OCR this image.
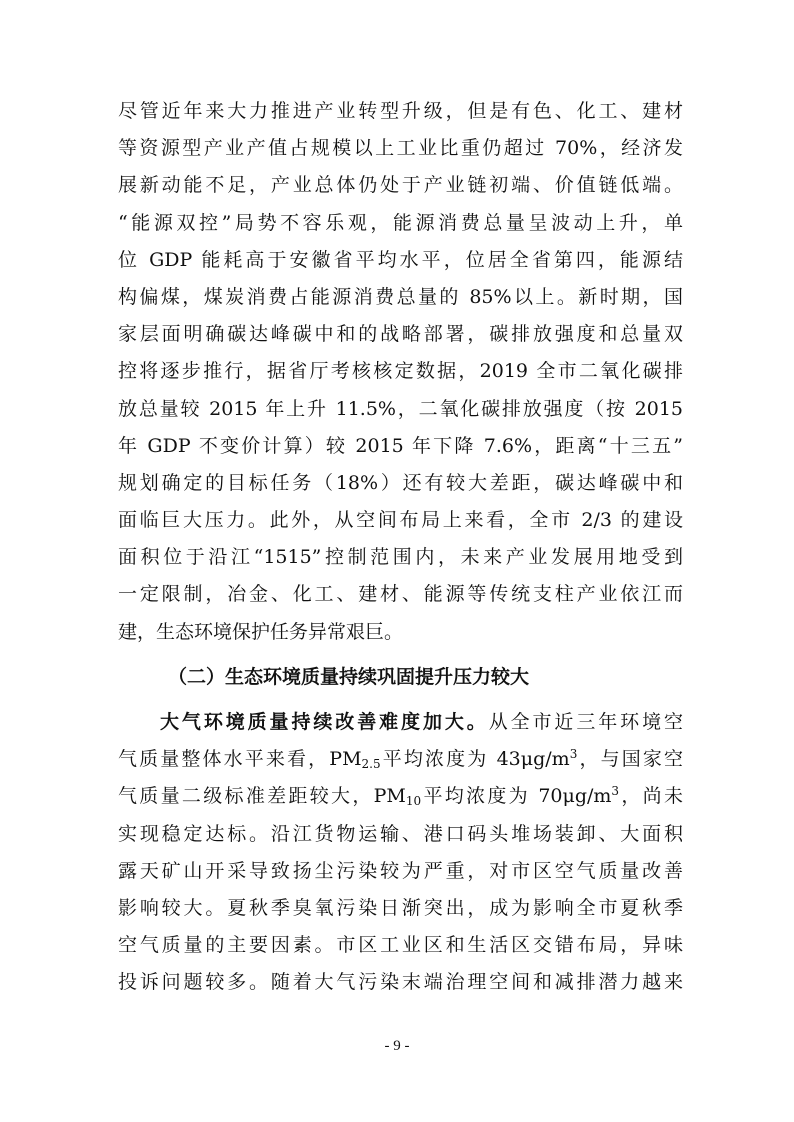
尽管近年来大力推进产业转型升级，但是有色、化工、建材
等资源型产业产值占规模以上工业比重仍超过 70%，经济发
展新动能不足，产业总体仍处于产业链初端、价值链低端。
“能源双控”局势不容乐观，能源消费总量呈波动上升，单
位 GDP 能耗高于安徽省平均水平，位居全省第四，能源结
构偏煤，煤炭消费占能源消费总量的 85%以上。新时期，国
家层面明确碳达峰碳中和的战略部署，碳排放强度和总量双
控将逐步推行，据省厅考核核定数据，2019 全市二氧化碳排
放总量较 2015 年上升 11.5%，二氧化碳排放强度（按 2015
年 GDP 不变价计算）较 2015 年下降 7.6%，距离“十三五”
规划确定的目标任务（18%）还有较大差距，碳达峰碳中和
面临巨大压力。此外，从空间布局上来看，全市 2/3 的建设
面积位于沿江“1515”控制范围内，未来产业发展用地受到
一定限制，冶金、化工、建材、能源等传统支柱产业依江而
建，生态环境保护任务异常艰巨。
（二）生态环境质量持续巩固提升压力较大
大气环境质量持续改善难度加大。从全市近三年环境空
气质量整体水平来看，$PM_{2.5}$平均浓度为 $43\mu g/m^3$，与国家空
气质量二级标准差距较大，$PM_{10}$平均浓度为 $70\mu g/m^3$，尚未
实现稳定达标。沿江货物运输、港口码头堆场装卸、大面积
露天矿山开采导致扬尘污染较为严重，对市区空气质量改善
影响较大。夏秋季臭氧污染日渐突出，成为影响全市夏秋季
空气质量的主要因素。市区工业区和生活区交错布局，异味
投诉问题较多。随着大气污染末端治理空间和减排潜力越来
- 9 -
